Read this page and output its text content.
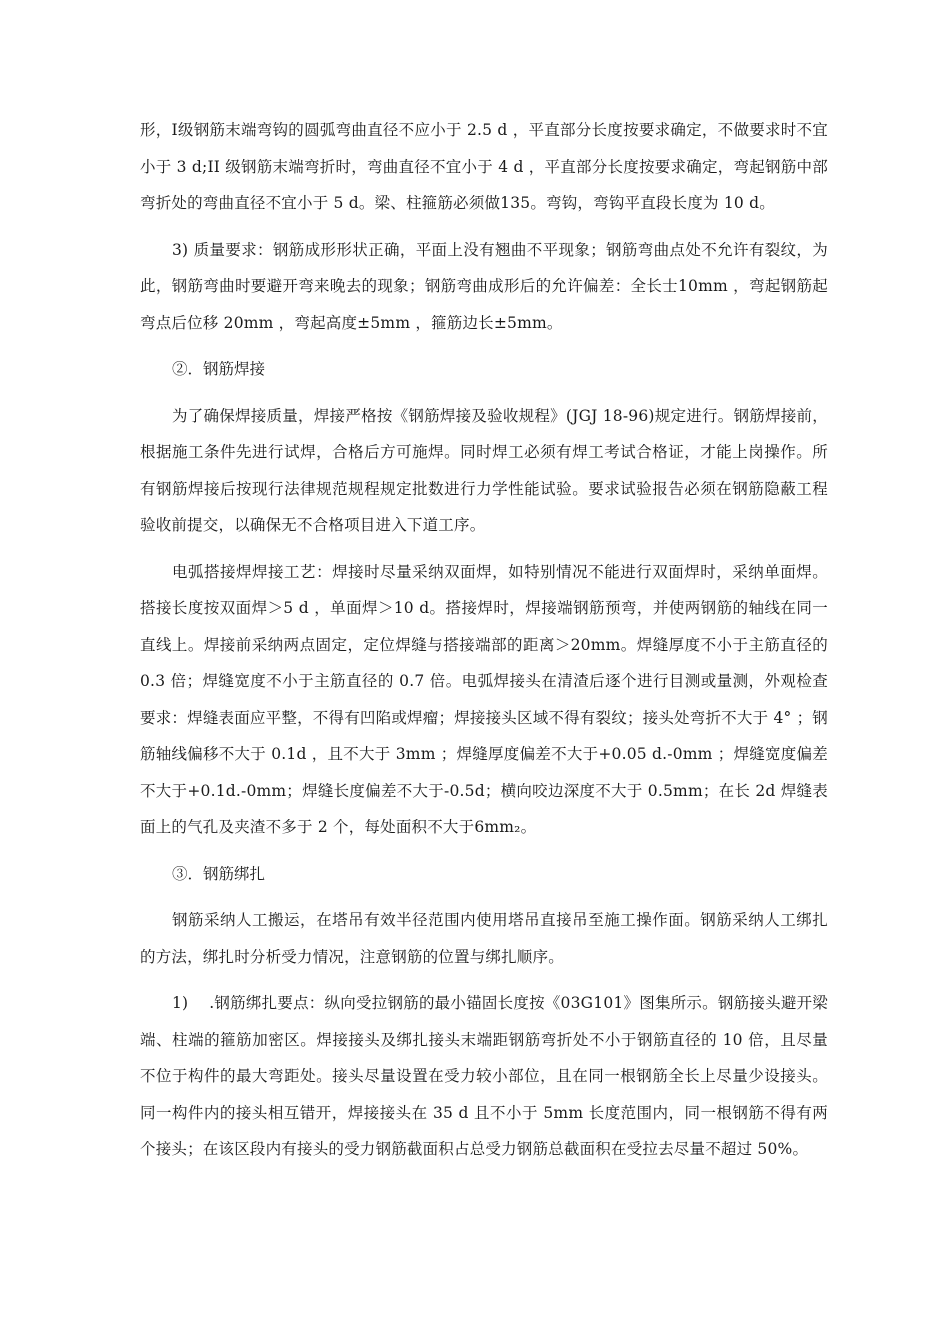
形，I级钢筋末端弯钩的圆弧弯曲直径不应小于 2.5 d ，平直部分长度按要求确定，不做要求时不宜小于 3 d;II 级钢筋末端弯折时，弯曲直径不宜小于 4 d ，平直部分长度按要求确定，弯起钢筋中部弯折处的弯曲直径不宜小于 5 d。梁、柱箍筋必须做135。弯钩，弯钩平直段长度为 10 d。

3) 质量要求：钢筋成形形状正确，平面上没有翘曲不平现象；钢筋弯曲点处不允许有裂纹，为此，钢筋弯曲时要避开弯来晚去的现象；钢筋弯曲成形后的允许偏差：全长士10mm ，弯起钢筋起弯点后位移 20mm ，弯起高度±5mm ，箍筋边长±5mm。

②．钢筋焊接

为了确保焊接质量，焊接严格按《钢筋焊接及验收规程》(JGJ 18-96)规定进行。钢筋焊接前，根据施工条件先进行试焊，合格后方可施焊。同时焊工必须有焊工考试合格证，才能上岗操作。所有钢筋焊接后按现行法律规范规程规定批数进行力学性能试验。要求试验报告必须在钢筋隐蔽工程验收前提交，以确保无不合格项目进入下道工序。

电弧搭接焊焊接工艺：焊接时尽量采纳双面焊，如特别情况不能进行双面焊时，采纳单面焊。搭接长度按双面焊＞5 d ，单面焊＞10 d。搭接焊时，焊接端钢筋预弯，并使两钢筋的轴线在同一直线上。焊接前采纳两点固定，定位焊缝与搭接端部的距离＞20mm。焊缝厚度不小于主筋直径的 0.3 倍；焊缝宽度不小于主筋直径的 0.7 倍。电弧焊接头在清渣后逐个进行目测或量测，外观检查要求：焊缝表面应平整，不得有凹陷或焊瘤；焊接接头区域不得有裂纹；接头处弯折不大于 4° ；钢筋轴线偏移不大于 0.1d ，且不大于 3mm ；焊缝厚度偏差不大于+0.05 d.-0mm ；焊缝宽度偏差不大于+0.1d.-0mm；焊缝长度偏差不大于-0.5d；横向咬边深度不大于 0.5mm；在长 2d 焊缝表面上的气孔及夹渣不多于 2 个，每处面积不大于6mm₂。

③．钢筋绑扎

钢筋采纳人工搬运，在塔吊有效半径范围内使用塔吊直接吊至施工操作面。钢筋采纳人工绑扎的方法，绑扎时分析受力情况，注意钢筋的位置与绑扎顺序。

1)　 .钢筋绑扎要点：纵向受拉钢筋的最小锚固长度按《03G101》图集所示。钢筋接头避开梁端、柱端的箍筋加密区。焊接接头及绑扎接头末端距钢筋弯折处不小于钢筋直径的 10 倍，且尽量不位于构件的最大弯距处。接头尽量设置在受力较小部位，且在同一根钢筋全长上尽量少设接头。同一构件内的接头相互错开，焊接接头在 35 d 且不小于 5mm 长度范围内，同一根钢筋不得有两个接头；在该区段内有接头的受力钢筋截面积占总受力钢筋总截面积在受拉去尽量不超过 50%。
